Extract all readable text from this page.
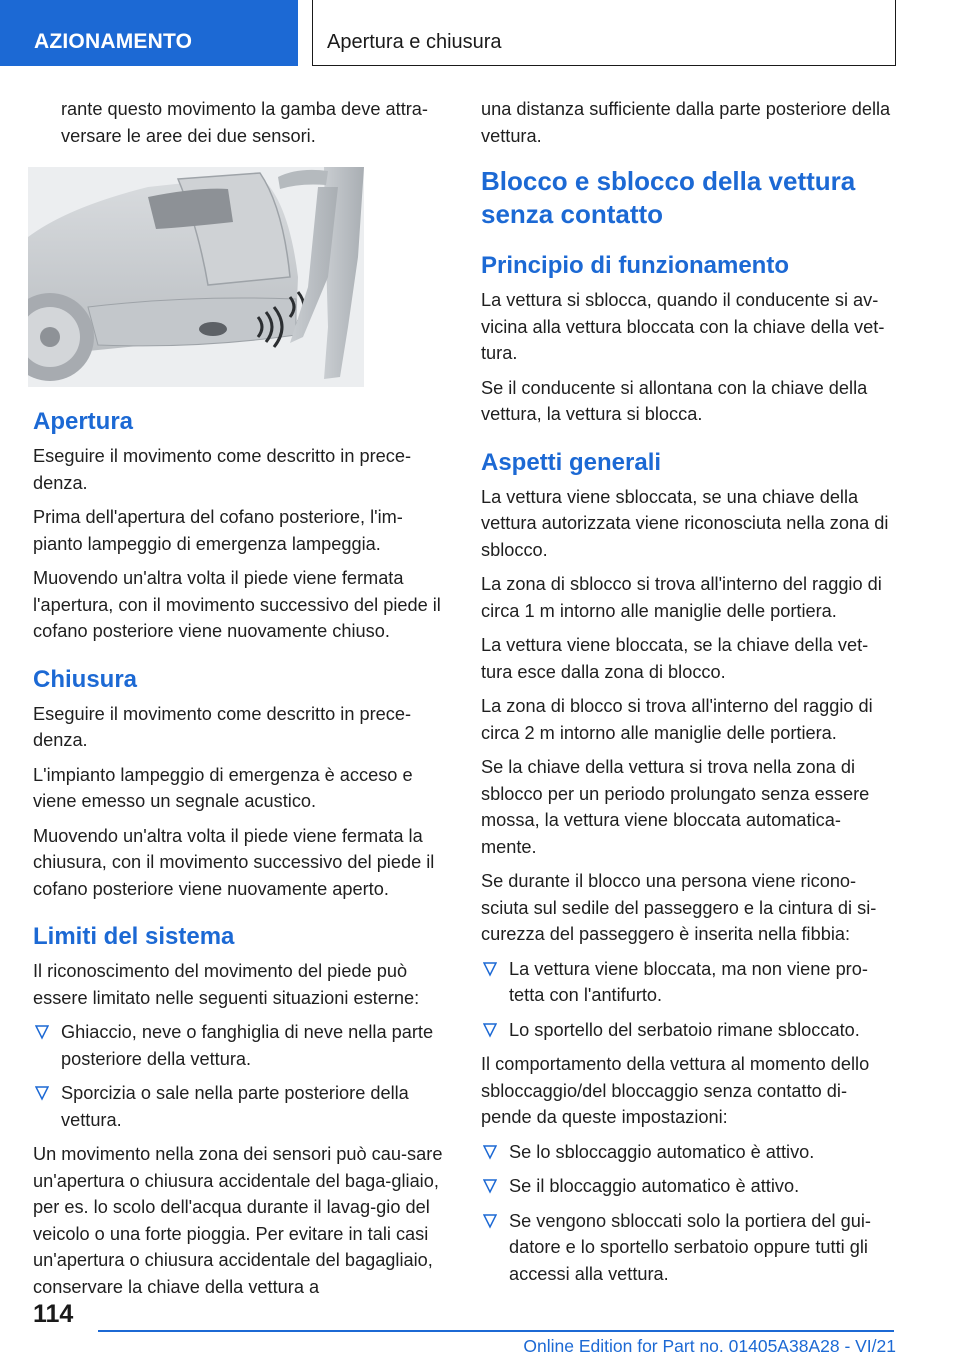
AZIONAMENTO	Apertura e chiusura

rante questo movimento la gamba deve attra-versare le aree dei due sensori.

Apertura

Eseguire il movimento come descritto in prece-denza.

Prima dell'apertura del cofano posteriore, l'im-pianto lampeggio di emergenza lampeggia.

Muovendo un'altra volta il piede viene fermata l'apertura, con il movimento successivo del piede il cofano posteriore viene nuovamente chiuso.

Chiusura

Eseguire il movimento come descritto in prece-denza.

L'impianto lampeggio di emergenza è acceso e viene emesso un segnale acustico.

Muovendo un'altra volta il piede viene fermata la chiusura, con il movimento successivo del piede il cofano posteriore viene nuovamente aperto.

Limiti del sistema

Il riconoscimento del movimento del piede può essere limitato nelle seguenti situazioni esterne:

Ghiaccio, neve o fanghiglia di neve nella parte posteriore della vettura.
Sporcizia o sale nella parte posteriore della vettura.

Un movimento nella zona dei sensori può cau-sare un'apertura o chiusura accidentale del baga-gliaio, per es. lo scolo dell'acqua durante il lavag-gio del veicolo o una forte pioggia. Per evitare in tali casi un'apertura o chiusura accidentale del bagagliaio, conservare la chiave della vettura a

una distanza sufficiente dalla parte posteriore della vettura.

Blocco e sblocco della vettura senza contatto
Principio di funzionamento

La vettura si sblocca, quando il conducente si av-vicina alla vettura bloccata con la chiave della vet-tura.

Se il conducente si allontana con la chiave della vettura, la vettura si blocca.

Aspetti generali

La vettura viene sbloccata, se una chiave della vettura autorizzata viene riconosciuta nella zona di sblocco.

La zona di sblocco si trova all'interno del raggio di circa 1 m intorno alle maniglie delle portiera.

La vettura viene bloccata, se la chiave della vet-tura esce dalla zona di blocco.

La zona di blocco si trova all'interno del raggio di circa 2 m intorno alle maniglie delle portiera.

Se la chiave della vettura si trova nella zona di sblocco per un periodo prolungato senza essere mossa, la vettura viene bloccata automatica-mente.

Se durante il blocco una persona viene ricono-sciuta sul sedile del passeggero e la cintura di si-curezza del passeggero è inserita nella fibbia:

La vettura viene bloccata, ma non viene pro-tetta con l'antifurto.
Lo sportello del serbatoio rimane sbloccato.

Il comportamento della vettura al momento dello sbloccaggio/del bloccaggio senza contatto di-pende da queste impostazioni:

Se lo sbloccaggio automatico è attivo.
Se il bloccaggio automatico è attivo.
Se vengono sbloccati solo la portiera del gui-datore e lo sportello serbatoio oppure tutti gli accessi alla vettura.
114
Online Edition for Part no. 01405A38A28 - VI/21
